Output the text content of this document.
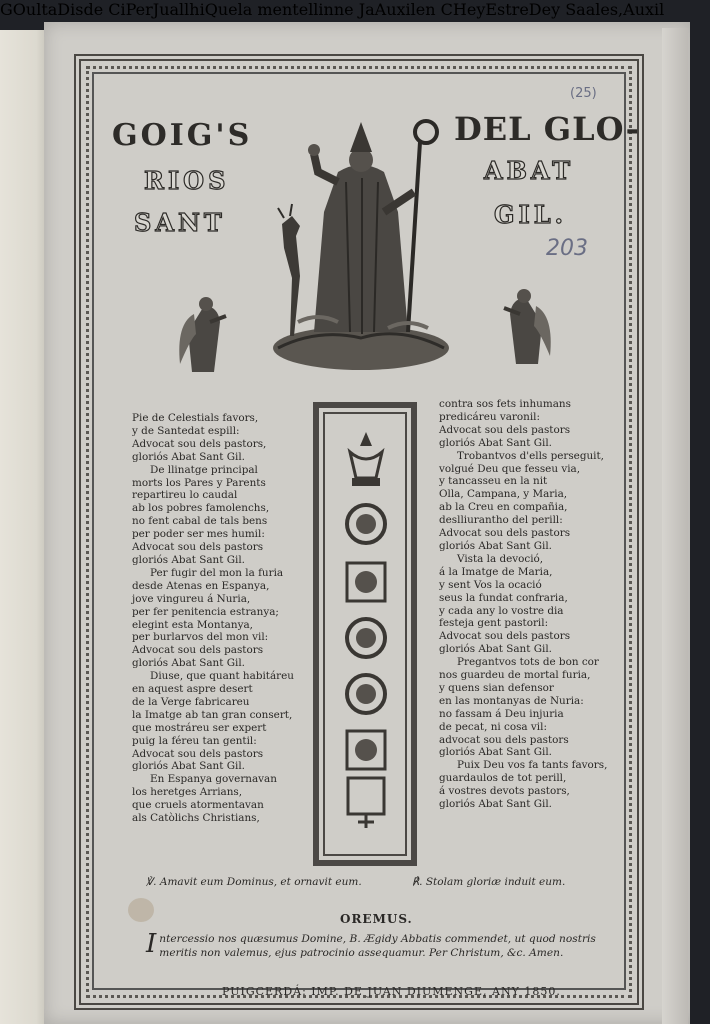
GOultaDisde CiPerJuallhiQuela mentellinne JaAuxilen CHeyEstreDey Saales,Auxil
(25)
203
GOIG'S	DEL GLO-
RIOS	ABAT
SANT	GIL.
Pie de Celestials favors,
y de Santedat espill:
Advocat sou dels pastors,
gloriós Abat Sant Gil.
De llinatge principal
morts los Pares y Parents
repartireu lo caudal
ab los pobres famolenchs,
no fent cabal de tals bens
per poder ser mes humil:
Advocat sou dels pastors
gloriós Abat Sant Gil.
Per fugir del mon la furia
desde Atenas en Espanya,
jove vingureu á Nuria,
per fer penitencia estranya;
elegint esta Montanya,
per burlarvos del mon vil:
Advocat sou dels pastors
gloriós Abat Sant Gil.
Diuse, que quant habitáreu
en aquest aspre desert
de la Verge fabricareu
la Imatge ab tan gran consert,
que mostráreu ser expert
puig la féreu tan gentil:
Advocat sou dels pastors
gloriós Abat Sant Gil.
En Espanya governavan
los heretges Arrians,
que cruels atormentavan
als Catòlichs Christians,
contra sos fets inhumans
predicáreu varonil:
Advocat sou dels pastors
gloriós Abat Sant Gil.
Trobantvos d'ells perseguit,
volgué Deu que fesseu via,
y tancasseu en la nit
Olla, Campana, y Maria,
ab la Creu en compañia,
deslliurantho del perill:
Advocat sou dels pastors
gloriós Abat Sant Gil.
Vista la devoció,
á la Imatge de Maria,
y sent Vos la ocació
seus la fundat confraria,
y cada any lo vostre dia
festeja gent pastoril:
Advocat sou dels pastors
gloriós Abat Sant Gil.
Pregantvos tots de bon cor
nos guardeu de mortal furia,
y quens sian defensor
en las montanyas de Nuria:
no fassam á Deu injuria
de pecat, ni cosa vil:
advocat sou dels pastors
gloriós Abat Sant Gil.
Puix Deu vos fa tants favors,
guardaulos de tot perill,
á vostres devots pastors,
gloriós Abat Sant Gil.
℣. Amavit eum Dominus, et ornavit eum.	℟. Stolam gloriæ induit eum.
OREMUS.
Intercessio nos quæsumus Domine, B. Ægidy Abbatis commendet, ut quod nostris meritis non valemus, ejus patrocinio assequamur. Per Christum, &c. Amen.
PUIGCERDÁ: IMP. DE JUAN DIUMENGE, ANY 1850.
